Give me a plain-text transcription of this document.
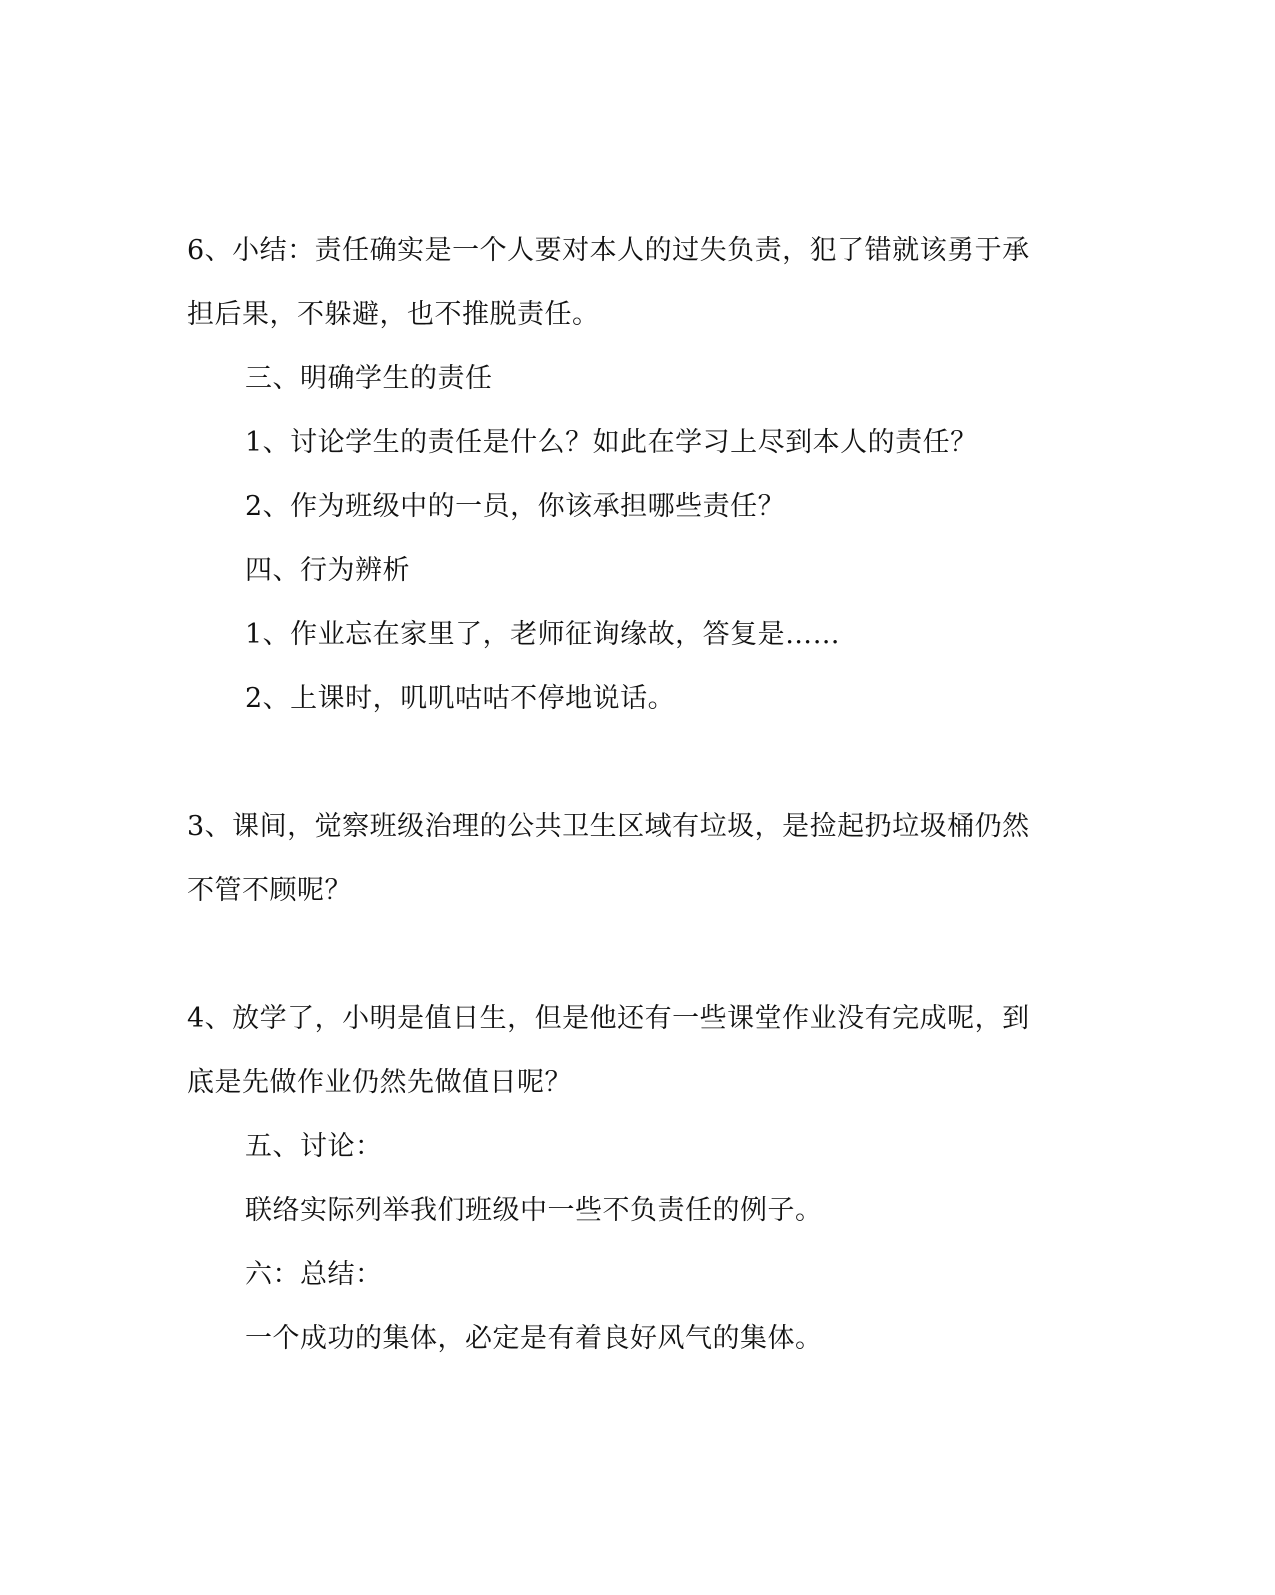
6、小结：责任确实是一个人要对本人的过失负责，犯了错就该勇于承
担后果，不躲避，也不推脱责任。
三、明确学生的责任
1、讨论学生的责任是什么？如此在学习上尽到本人的责任？
2、作为班级中的一员，你该承担哪些责任？
四、行为辨析
1、作业忘在家里了，老师征询缘故，答复是……
2、上课时，叽叽咕咕不停地说话。
3、课间，觉察班级治理的公共卫生区域有垃圾，是捡起扔垃圾桶仍然
不管不顾呢？
4、放学了，小明是值日生，但是他还有一些课堂作业没有完成呢，到
底是先做作业仍然先做值日呢？
五、讨论：
联络实际列举我们班级中一些不负责任的例子。
六：总结：
一个成功的集体，必定是有着良好风气的集体。
